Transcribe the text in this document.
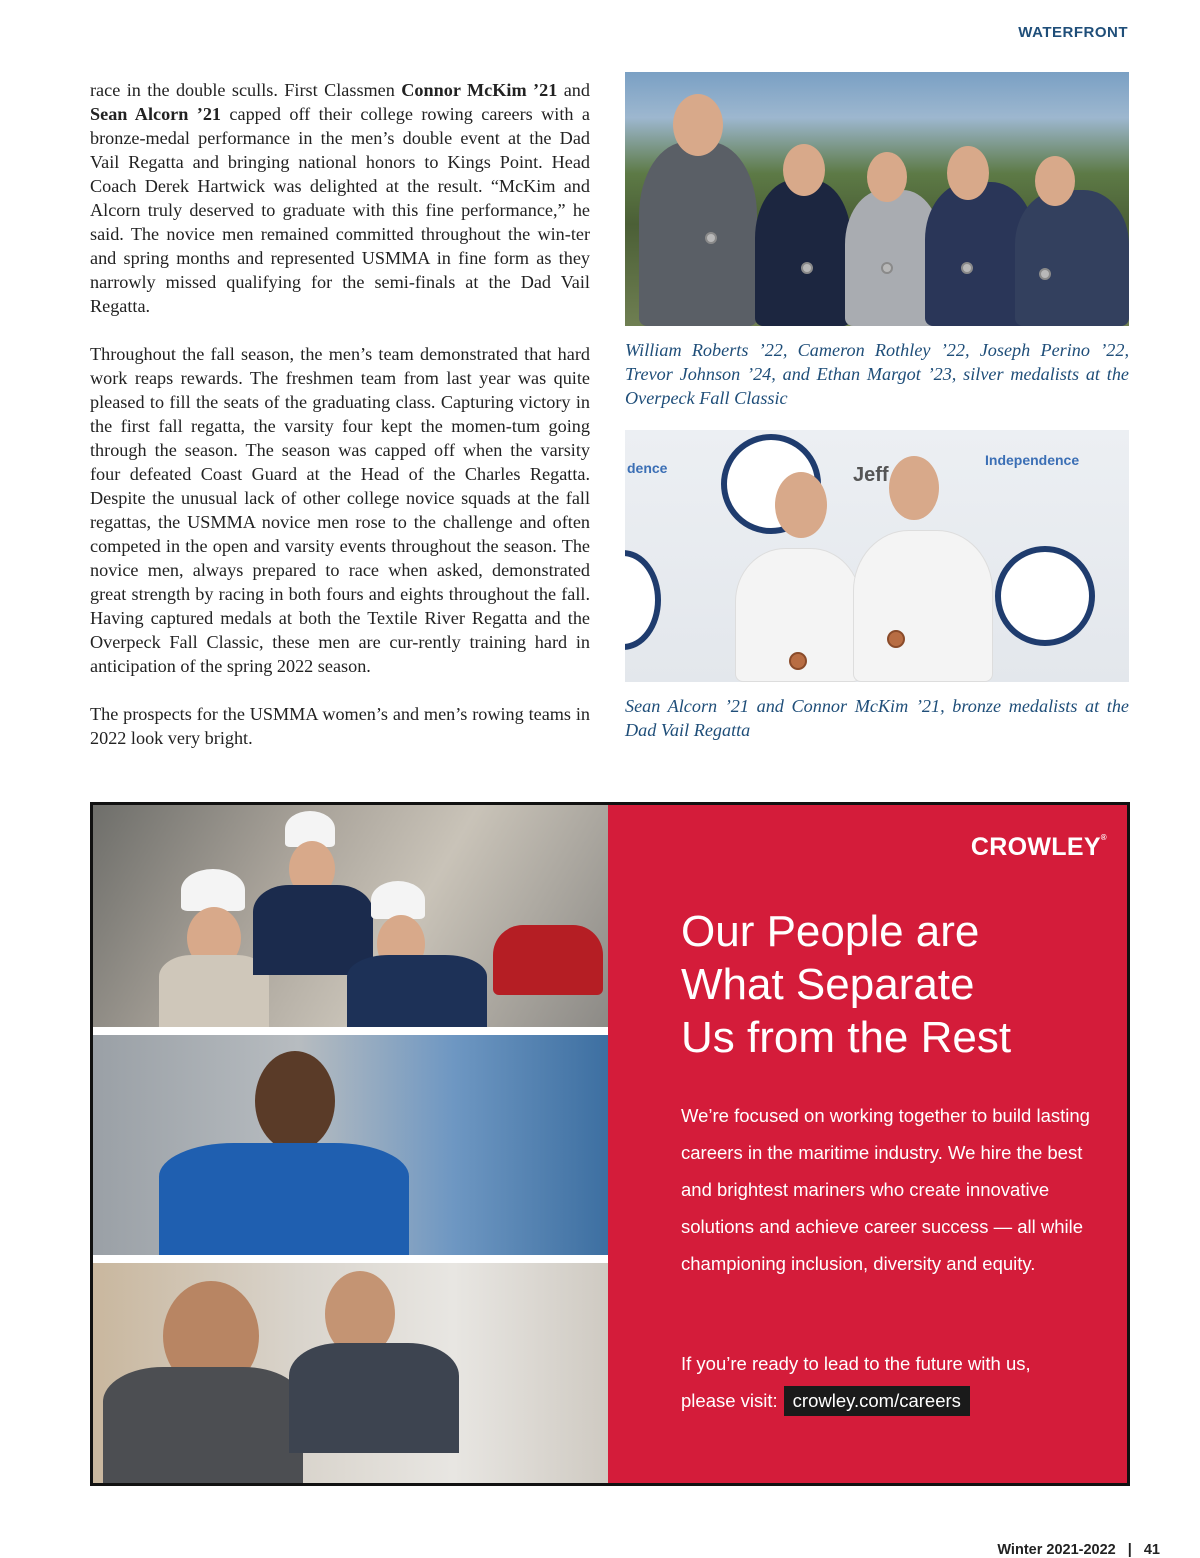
WATERFRONT

race in the double sculls. First Classmen Connor McKim ’21 and Sean Alcorn ’21 capped off their college rowing careers with a bronze-medal performance in the men’s double event at the Dad Vail Regatta and bringing national honors to Kings Point. Head Coach Derek Hartwick was delighted at the result. “McKim and Alcorn truly deserved to graduate with this fine performance,” he said. The novice men remained committed throughout the win-ter and spring months and represented USMMA in fine form as they narrowly missed qualifying for the semi-finals at the Dad Vail Regatta.

Throughout the fall season, the men’s team demonstrated that hard work reaps rewards. The freshmen team from last year was quite pleased to fill the seats of the graduating class. Capturing victory in the first fall regatta, the varsity four kept the momen-tum going through the season. The season was capped off when the varsity four defeated Coast Guard at the Head of the Charles Regatta. Despite the unusual lack of other college novice squads at the fall regattas, the USMMA novice men rose to the challenge and often competed in the open and varsity events throughout the season. The novice men, always prepared to race when asked, demonstrated great strength by racing in both fours and eights throughout the fall. Having captured medals at both the Textile River Regatta and the Overpeck Fall Classic, these men are cur-rently training hard in anticipation of the spring 2022 season.

The prospects for the USMMA women’s and men’s rowing teams in 2022 look very bright.

William Roberts ’22, Cameron Rothley ’22, Joseph Perino ’22, Trevor Johnson ’24, and Ethan Margot ’23, silver medalists at the Overpeck Fall Classic
dence	Independence
Jeff
Sean Alcorn ’21 and Connor McKim ’21, bronze medalists at the Dad Vail Regatta
CROWLEY®
Our People are
What Separate
Us from the Rest
We’re focused on working together to build lasting careers in the maritime industry. We hire the best and brightest mariners who create innovative solutions and achieve career success — all while championing inclusion, diversity and equity.
If you’re ready to lead to the future with us,
please visit: crowley.com/careers
Winter 2021-2022 | 41
